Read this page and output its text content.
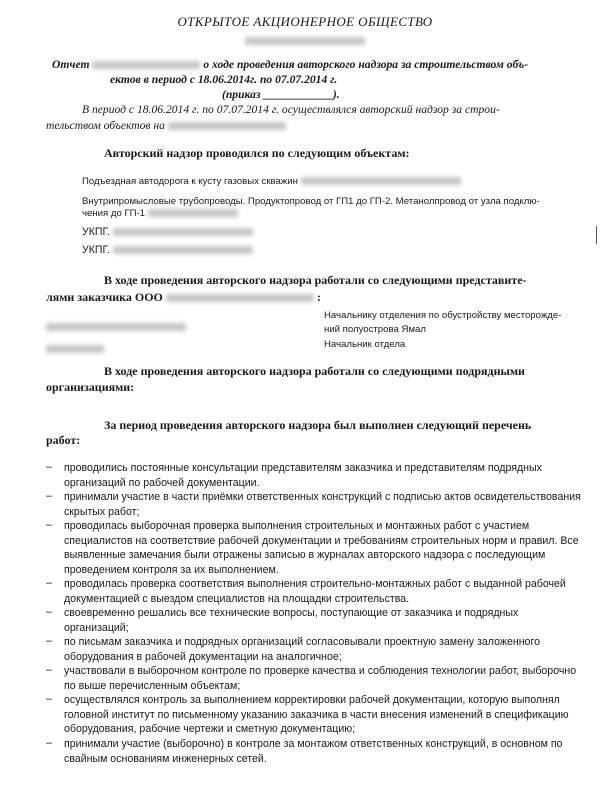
ОТКРЫТОЕ АКЦИОНЕРНОЕ ОБЩЕСТВО
Отчет	о ходе проведения авторского надзора за строительством объ-
ектов в период с 18.06.2014г. по 07.07.2014 г.
(приказ ____________).
В период с 18.06.2014 г. по 07.07.2014 г. осуществлялся авторский надзор за строи-
тельством объектов на
Авторский надзор проводился по следующим объектам:
Подъездная автодорога к кусту газовых скважин
Внутрипромысловые трубопроводы. Продуктопровод от ГП1 до ГП-2. Метанолпровод от узла подклю-
чения до ГП-1
УКПГ.
УКПГ.
В ходе проведения авторского надзора работали со следующими представите-
лями заказчика ООО	:
Начальнику отделения по обустройству месторожде-
ний полуострова Ямал
Начальник отдела
В ходе проведения авторского надзора работали со следующими подрядными
организациями:
За период проведения авторского надзора был выполнен следующий перечень
работ:
– проводились постоянные консультации представителям заказчика и представителям подрядных организаций по рабочей документации.
– принимали участие в части приёмки ответственных конструкций с подписью актов освидетельствования скрытых работ;
– проводилась выборочная проверка выполнения строительных и монтажных работ с участием специалистов на соответствие рабочей документации и требованиям строительных норм и правил. Все выявленные замечания были отражены записью в журналах авторского надзора с последующим проведением контроля за их выполнением.
– проводилась проверка соответствия выполнения строительно-монтажных работ с выданной рабочей документацией с выездом специалистов на площадки строительства.
– своевременно решались все технические вопросы, поступающие от заказчика и подрядных организаций;
– по письмам заказчика и подрядных организаций согласовывали проектную замену заложенного оборудования в рабочей документации на аналогичное;
– участвовали в выборочном контроле по проверке качества и соблюдения технологии работ, выборочно по выше перечисленным объектам;
– осуществлялся контроль за выполнением корректировки рабочей документации, которую выполнял головной институт по письменному указанию заказчика в части внесения изменений в спецификацию оборудования, рабочие чертежи и сметную документацию;
– принимали участие (выборочно) в контроле за монтажом ответственных конструкций, в основном по свайным основаниям инженерных сетей.
